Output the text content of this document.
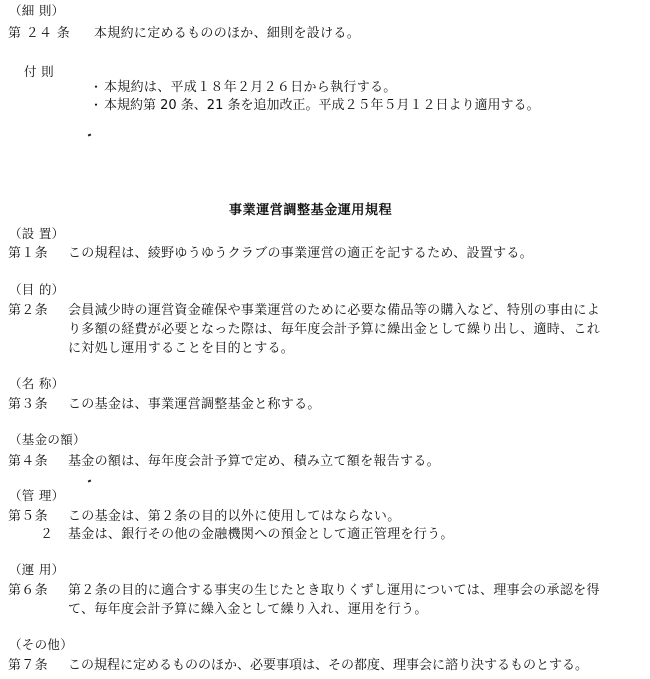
（細 則）
第 ２４ 条 本規約に定めるもののほか、細則を設ける。
付 則
・ 本規約は、平成１８年２月２６日から執行する。
・ 本規約第 20 条、21 条を追加改正。平成２５年５月１２日より適用する。
事業運営調整基金運用規程
（設 置）
第１条 この規程は、綾野ゆうゆうクラブの事業運営の適正を記するため、設置する。
（目 的）
第２条 会員減少時の運営資金確保や事業運営のために必要な備品等の購入など、特別の事由によ
り多額の経費が必要となった際は、毎年度会計予算に繰出金として繰り出し、適時、これ
に対処し運用することを目的とする。
（名 称）
第３条 この基金は、事業運営調整基金と称する。
（基金の額）
第４条 基金の額は、毎年度会計予算で定め、積み立て額を報告する。
（管 理）
第５条 この基金は、第２条の目的以外に使用してはならない。
２ 基金は、銀行その他の金融機関への預金として適正管理を行う。
（運 用）
第６条 第２条の目的に適合する事実の生じたとき取りくずし運用については、理事会の承認を得
て、毎年度会計予算に繰入金として繰り入れ、運用を行う。
（その他）
第７条 この規程に定めるもののほか、必要事項は、その都度、理事会に諮り決するものとする。
